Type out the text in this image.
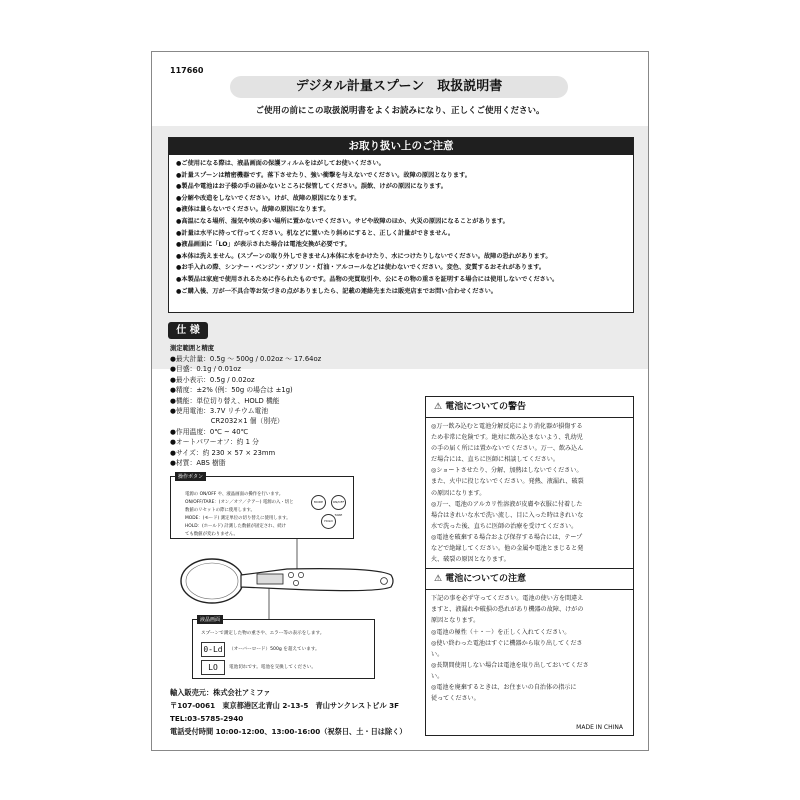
117660
デジタル計量スプーン　取扱説明書
ご使用の前にこの取扱説明書をよくお読みになり、正しくご使用ください。
お取り扱い上のご注意
●ご使用になる際は、液晶画面の保護フィルムをはがしてお使いください。
●計量スプーンは精密機器です。落下させたり、強い衝撃を与えないでください。故障の原因となります。
●製品や電池はお子様の手の届かないところに保管してください。誤飲、けがの原因になります。
●分解や改造をしないでください。けが、故障の原因になります。
●液体は量らないでください。故障の原因になります。
●高温になる場所、湿気や埃の多い場所に置かないでください。サビや故障のほか、火災の原因になることがあります。
●計量は水平に持って行ってください。机などに置いたり斜めにすると、正しく計量ができません。
●液晶画面に「LO」が表示された場合は電池交換が必要です。
●本体は洗えません。(スプーンの取り外しできません)本体に水をかけたり、水につけたりしないでください。故障の恐れがあります。
●お手入れの際、シンナー・ベンジン・ガソリン・灯油・アルコールなどは使わないでください。変色、変質するおそれがあります。
●本製品は家庭で使用されるために作られたものです。品物の売買取引や、公にその物の重さを証明する場合には使用しないでください。
●ご購入後、万が一不具合等お気づきの点がありましたら、記載の連絡先または販売店までお問い合わせください。
仕 様
測定範囲と精度
●最大計量：0.5g ～ 500g / 0.02oz ～ 17.64oz
●目盛：0.1g / 0.01oz
●最小表示：0.5g / 0.02oz
●精度：±2% (例：50g の場合は ±1g)
●機能：単位切り替え、HOLD 機能
●使用電池：3.7V リチウム電池
　　　　　　CR2032×1 個（別売）
●作用温度：0℃ ~ 40℃
●オートパワーオフ：約 1 分
●サイズ：約 230 × 57 × 23mm
●材質：ABS 樹脂
操作ボタン
電源の ON/OFF や、液晶画面の操作を行います。
ON/OFF/TARE：(オン／オフ／テアー) 電源の入・切と
数値のリセットの際に使用します。
MODE：(モード) 測定単位の切り替えに使用します。
HOLD：(ホールド) 計測した数値が固定され、続け
ても数値が変わりません。
MODE	ON/OFF TARE
HOLD
液晶画面
スプーンで測定した物の重さや、エラー等の表示をします。
0-Ld	（オーバーロード）500g を超えています。
LO	電池切れです。電池を交換してください。
輸入販売元：株式会社アミファ
〒107-0061　東京都港区北青山 2-13-5　青山サンクレストビル 3F
TEL:03-5785-2940
電話受付時間 10:00-12:00、13:00-16:00（祝祭日、土・日は除く）
⚠ 電池についての警告
◎万一飲み込むと電池分解反応により消化器が損傷する
ため非常に危険です。絶対に飲み込まないよう、乳幼児
の手の届く所には置かないでください。万一、飲み込ん
だ場合には、直ちに医師に相談してください。
◎ショートさせたり、分解、加熱はしないでください。
また、火中に投じないでください。発熱、液漏れ、破裂
の原因になります。
◎万一、電池のアルカリ性溶液が皮膚や衣服に付着した
場合はきれいな水で洗い流し、目に入った時はきれいな
水で洗った後、直ちに医師の治療を受けてください。
◎電池を破棄する場合および保存する場合には、テープ
などで絶縁してください。他の金属や電池とまじると発
火、破裂の原因となります。
⚠ 電池についての注意
下記の事を必ず守ってください。電池の使い方を間違え
ますと、液漏れや破損の恐れがあり機器の故障、けがの
原因となります。
◎電池の極性（＋・－）を正しく入れてください。
◎使い終わった電池はすぐに機器から取り出してくださ
い。
◎長期間使用しない場合は電池を取り出しておいてくださ
い。
◎電池を廃棄するときは、お住まいの自治体の指示に
従ってください。
MADE IN CHINA
